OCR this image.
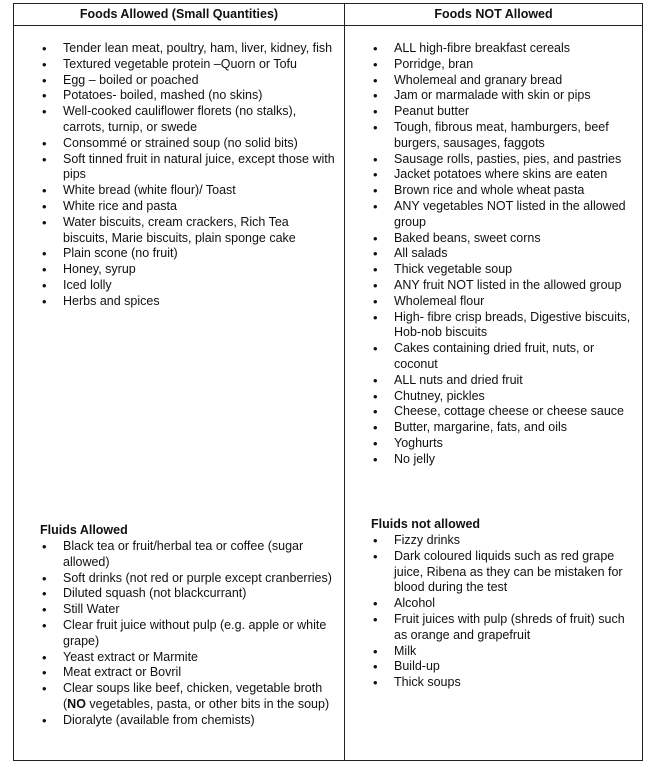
Foods Allowed (Small Quantities)	Foods NOT Allowed
• Tender lean meat, poultry, ham, liver, kidney, fish
• Textured vegetable protein –Quorn or Tofu
• Egg – boiled or poached
• Potatoes- boiled, mashed (no skins)
• Well-cooked cauliflower florets (no stalks), carrots, turnip, or swede
• Consommé or strained soup (no solid bits)
• Soft tinned fruit in natural juice, except those with pips
• White bread (white flour)/ Toast
• White rice and pasta
• Water biscuits, cream crackers, Rich Tea biscuits, Marie biscuits, plain sponge cake
• Plain scone (no fruit)
• Honey, syrup
• Iced lolly
• Herbs and spices
Fluids Allowed
• Black tea or fruit/herbal tea or coffee (sugar allowed)
• Soft drinks (not red or purple except cranberries)
• Diluted squash (not blackcurrant)
• Still Water
• Clear fruit juice without pulp (e.g. apple or white grape)
• Yeast extract or Marmite
• Meat extract or Bovril
• Clear soups like beef, chicken, vegetable broth (NO vegetables, pasta, or other bits in the soup)
• Dioralyte (available from chemists)
• ALL high-fibre breakfast cereals
• Porridge, bran
• Wholemeal and granary bread
• Jam or marmalade with skin or pips
• Peanut butter
• Tough, fibrous meat, hamburgers, beef burgers, sausages, faggots
• Sausage rolls, pasties, pies, and pastries
• Jacket potatoes where skins are eaten
• Brown rice and whole wheat pasta
• ANY vegetables NOT listed in the allowed group
• Baked beans, sweet corns
• All salads
• Thick vegetable soup
• ANY fruit NOT listed in the allowed group
• Wholemeal flour
• High- fibre crisp breads, Digestive biscuits, Hob-nob biscuits
• Cakes containing dried fruit, nuts, or coconut
• ALL nuts and dried fruit
• Chutney, pickles
• Cheese, cottage cheese or cheese sauce
• Butter, margarine, fats, and oils
• Yoghurts
• No jelly
Fluids not allowed
• Fizzy drinks
• Dark coloured liquids such as red grape juice, Ribena as they can be mistaken for blood during the test
• Alcohol
• Fruit juices with pulp (shreds of fruit) such as orange and grapefruit
• Milk
• Build-up
• Thick soups
